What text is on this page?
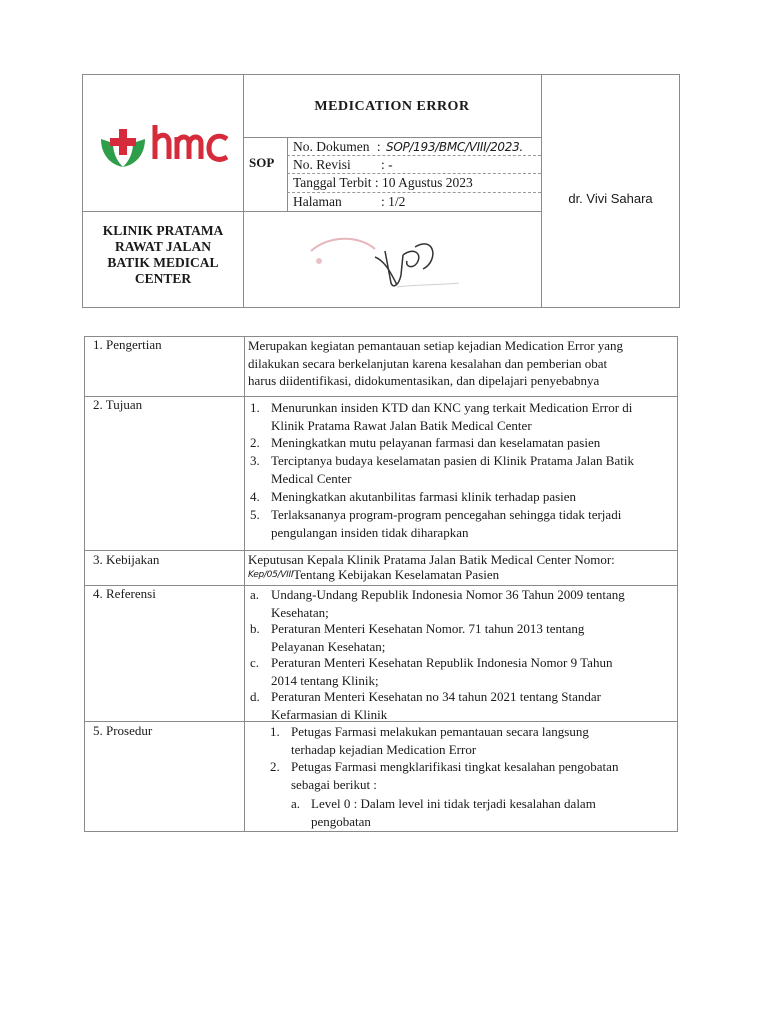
KLINIK PRATAMA
RAWAT JALAN
BATIK MEDICAL
CENTER
MEDICATION ERROR
SOP
No. Dokumen : SOP/193/BMC/VIII/2023.
No. Revisi : -
Tanggal Terbit : 10 Agustus 2023
Halaman	: 1/2	dr. Vivi Sahara
1. Pengertian	Merupakan kegiatan pemantauan setiap kejadian Medication Error yang
dilakukan secara berkelanjutan karena kesalahan dan pemberian obat
harus diidentifikasi, didokumentasikan, dan dipelajari penyebabnya
2. Tujuan	1. Menurunkan insiden KTD dan KNC yang terkait Medication Error di
Klinik Pratama Rawat Jalan Batik Medical Center
2. Meningkatkan mutu pelayanan farmasi dan keselamatan pasien
3. Terciptanya budaya keselamatan pasien di Klinik Pratama Jalan Batik
Medical Center
4. Meningkatkan akutanbilitas farmasi klinik terhadap pasien
5. Terlaksananya program-program pencegahan sehingga tidak terjadi
pengulangan insiden tidak diharapkan
3. Kebijakan	Keputusan Kepala Klinik Pratama Jalan Batik Medical Center Nomor:
Kep/05/VIIITentang Kebijakan Keselamatan Pasien
4. Referensi	a. Undang-Undang Republik Indonesia Nomor 36 Tahun 2009 tentang
Kesehatan;
b. Peraturan Menteri Kesehatan Nomor. 71 tahun 2013 tentang
Pelayanan Kesehatan;
c. Peraturan Menteri Kesehatan Republik Indonesia Nomor 9 Tahun
2014 tentang Klinik;
d. Peraturan Menteri Kesehatan no 34 tahun 2021 tentang Standar
Kefarmasian di Klinik
5. Prosedur	1. Petugas Farmasi melakukan pemantauan secara langsung
terhadap kejadian Medication Error
2. Petugas Farmasi mengklarifikasi tingkat kesalahan pengobatan
sebagai berikut :
a. Level 0 : Dalam level ini tidak terjadi kesalahan dalam
pengobatan
